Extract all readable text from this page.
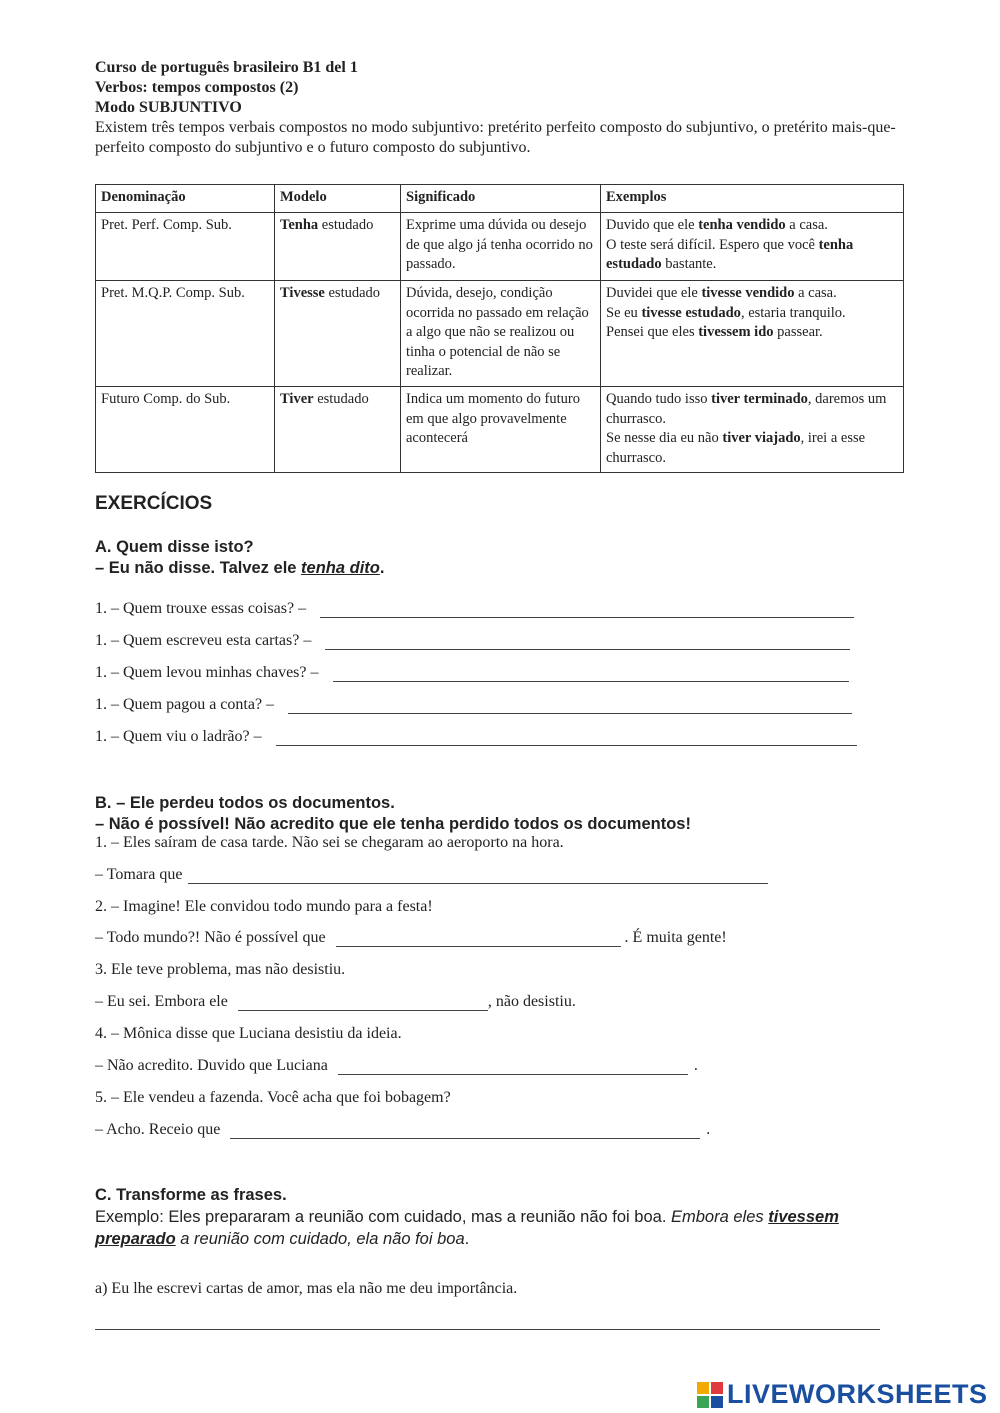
Curso de português brasileiro B1 del 1

Verbos: tempos compostos (2)

Modo SUBJUNTIVO

Existem três tempos verbais compostos no modo subjuntivo: pretérito perfeito composto do subjuntivo, o pretérito mais-que-perfeito composto do subjuntivo e o futuro composto do subjuntivo.

Denominação	Modelo	Significado	Exemplos
Pret. Perf. Comp. Sub.	Tenha estudado	Exprime uma dúvida ou desejo de que algo já tenha ocorrido no passado.	Duvido que ele tenha vendido a casa.
O teste será difícil. Espero que você tenha estudado bastante.

Pret. M.Q.P. Comp. Sub.	Tivesse estudado	Dúvida, desejo, condição ocorrida no passado em relação a algo que não se realizou ou tinha o potencial de não se realizar.	Duvidei que ele tivesse vendido a casa.
Se eu tivesse estudado, estaria tranquilo.
Pensei que eles tivessem ido passear.

Futuro Comp. do Sub.	Tiver estudado	Indica um momento do futuro em que algo provavelmente acontecerá	Quando tudo isso tiver terminado, daremos um churrasco.
Se nesse dia eu não tiver viajado, irei a esse churrasco.
EXERCÍCIOS
A. Quem disse isto?
– Eu não disse. Talvez ele tenha dito.
1. – Quem trouxe essas coisas? –
1. – Quem escreveu esta cartas? –
1. – Quem levou minhas chaves? –
1. – Quem pagou a conta? –
1. – Quem viu o ladrão? –
B. – Ele perdeu todos os documentos.
– Não é possível! Não acredito que ele tenha perdido todos os documentos!
1. – Eles saíram de casa tarde. Não sei se chegaram ao aeroporto na hora.
– Tomara que
2. – Imagine! Ele convidou todo mundo para a festa!
– Todo mundo?! Não é possível que	. É muita gente!
3. Ele teve problema, mas não desistiu.
– Eu sei. Embora ele	, não desistiu.
4. – Mônica disse que Luciana desistiu da ideia.
– Não acredito. Duvido que Luciana	.
5. – Ele vendeu a fazenda. Você acha que foi bobagem?
– Acho. Receio que	.
C. Transforme as frases.
Exemplo: Eles prepararam a reunião com cuidado, mas a reunião não foi boa. Embora eles tivessem preparado a reunião com cuidado, ela não foi boa.
a) Eu lhe escrevi cartas de amor, mas ela não me deu importância.
LIVEWORKSHEETS
